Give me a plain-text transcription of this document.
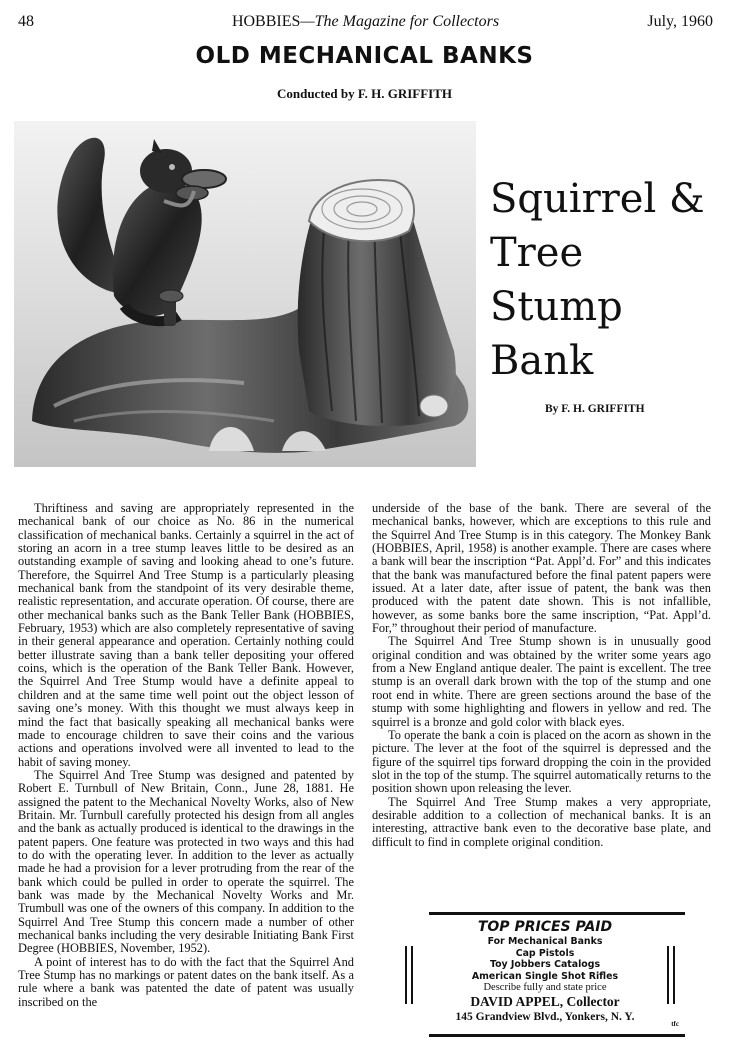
48	HOBBIES—The Magazine for Collectors	July, 1960
OLD MECHANICAL BANKS
Conducted by F. H. GRIFFITH
Squirrel &
Tree
Stump
Bank
By F. H. GRIFFITH

Thriftiness and saving are appropriately represented in the mechanical bank of our choice as No. 86 in the numerical classification of mechanical banks. Certainly a squirrel in the act of storing an acorn in a tree stump leaves little to be desired as an outstanding example of saving and looking ahead to one’s future. Therefore, the Squirrel And Tree Stump is a particularly pleasing mechanical bank from the standpoint of its very desirable theme, realistic representation, and accurate operation. Of course, there are other mechanical banks such as the Bank Teller Bank (HOBBIES, February, 1953) which are also completely representative of saving in their general appearance and operation. Certainly nothing could better illustrate saving than a bank teller depositing your offered coins, which is the operation of the Bank Teller Bank. However, the Squirrel And Tree Stump would have a definite appeal to children and at the same time well point out the object lesson of saving one’s money. With this thought we must always keep in mind the fact that basically speaking all mechanical banks were made to encourage children to save their coins and the various actions and operations involved were all invented to lead to the habit of saving money.

The Squirrel And Tree Stump was designed and patented by Robert E. Turnbull of New Britain, Conn., June 28, 1881. He assigned the patent to the Mechanical Novelty Works, also of New Britain. Mr. Turnbull carefully protected his design from all angles and the bank as actually produced is identical to the drawings in the patent papers. One feature was protected in two ways and this had to do with the operating lever. In addition to the lever as actually made he had a provision for a lever protruding from the rear of the bank which could be pulled in order to operate the squirrel. The bank was made by the Mechanical Novelty Works and Mr. Trumbull was one of the owners of this company. In addition to the Squirrel And Tree Stump this concern made a number of other mechanical banks including the very desirable Initiating Bank First Degree (HOBBIES, November, 1952).

A point of interest has to do with the fact that the Squirrel And Tree Stump has no markings or patent dates on the bank itself. As a rule where a bank was patented the date of patent was usually inscribed on the

underside of the base of the bank. There are several of the mechanical banks, however, which are exceptions to this rule and the Squirrel And Tree Stump is in this category. The Monkey Bank (HOBBIES, April, 1958) is another example. There are cases where a bank will bear the inscription “Pat. Appl’d. For” and this indicates that the bank was manufactured before the final patent papers were issued. At a later date, after issue of patent, the bank was then produced with the patent date shown. This is not infallible, however, as some banks bore the same inscription, “Pat. Appl’d. For,” throughout their period of manufacture.

The Squirrel And Tree Stump shown is in unusually good original condition and was obtained by the writer some years ago from a New England antique dealer. The paint is excellent. The tree stump is an overall dark brown with the top of the stump and one root end in white. There are green sections around the base of the stump with some highlighting and flowers in yellow and red. The squirrel is a bronze and gold color with black eyes.

To operate the bank a coin is placed on the acorn as shown in the picture. The lever at the foot of the squirrel is depressed and the figure of the squirrel tips forward dropping the coin in the provided slot in the top of the stump. The squirrel automatically returns to the position shown upon releasing the lever.

The Squirrel And Tree Stump makes a very appropriate, desirable addition to a collection of mechanical banks. It is an interesting, attractive bank even to the decorative base plate, and difficult to find in complete original condition.

TOP PRICES PAID
For Mechanical Banks
Cap Pistols
Toy Jobbers Catalogs
American Single Shot Rifles
Describe fully and state price
DAVID APPEL, Collector
145 Grandview Blvd., Yonkers, N. Y.
tfc
